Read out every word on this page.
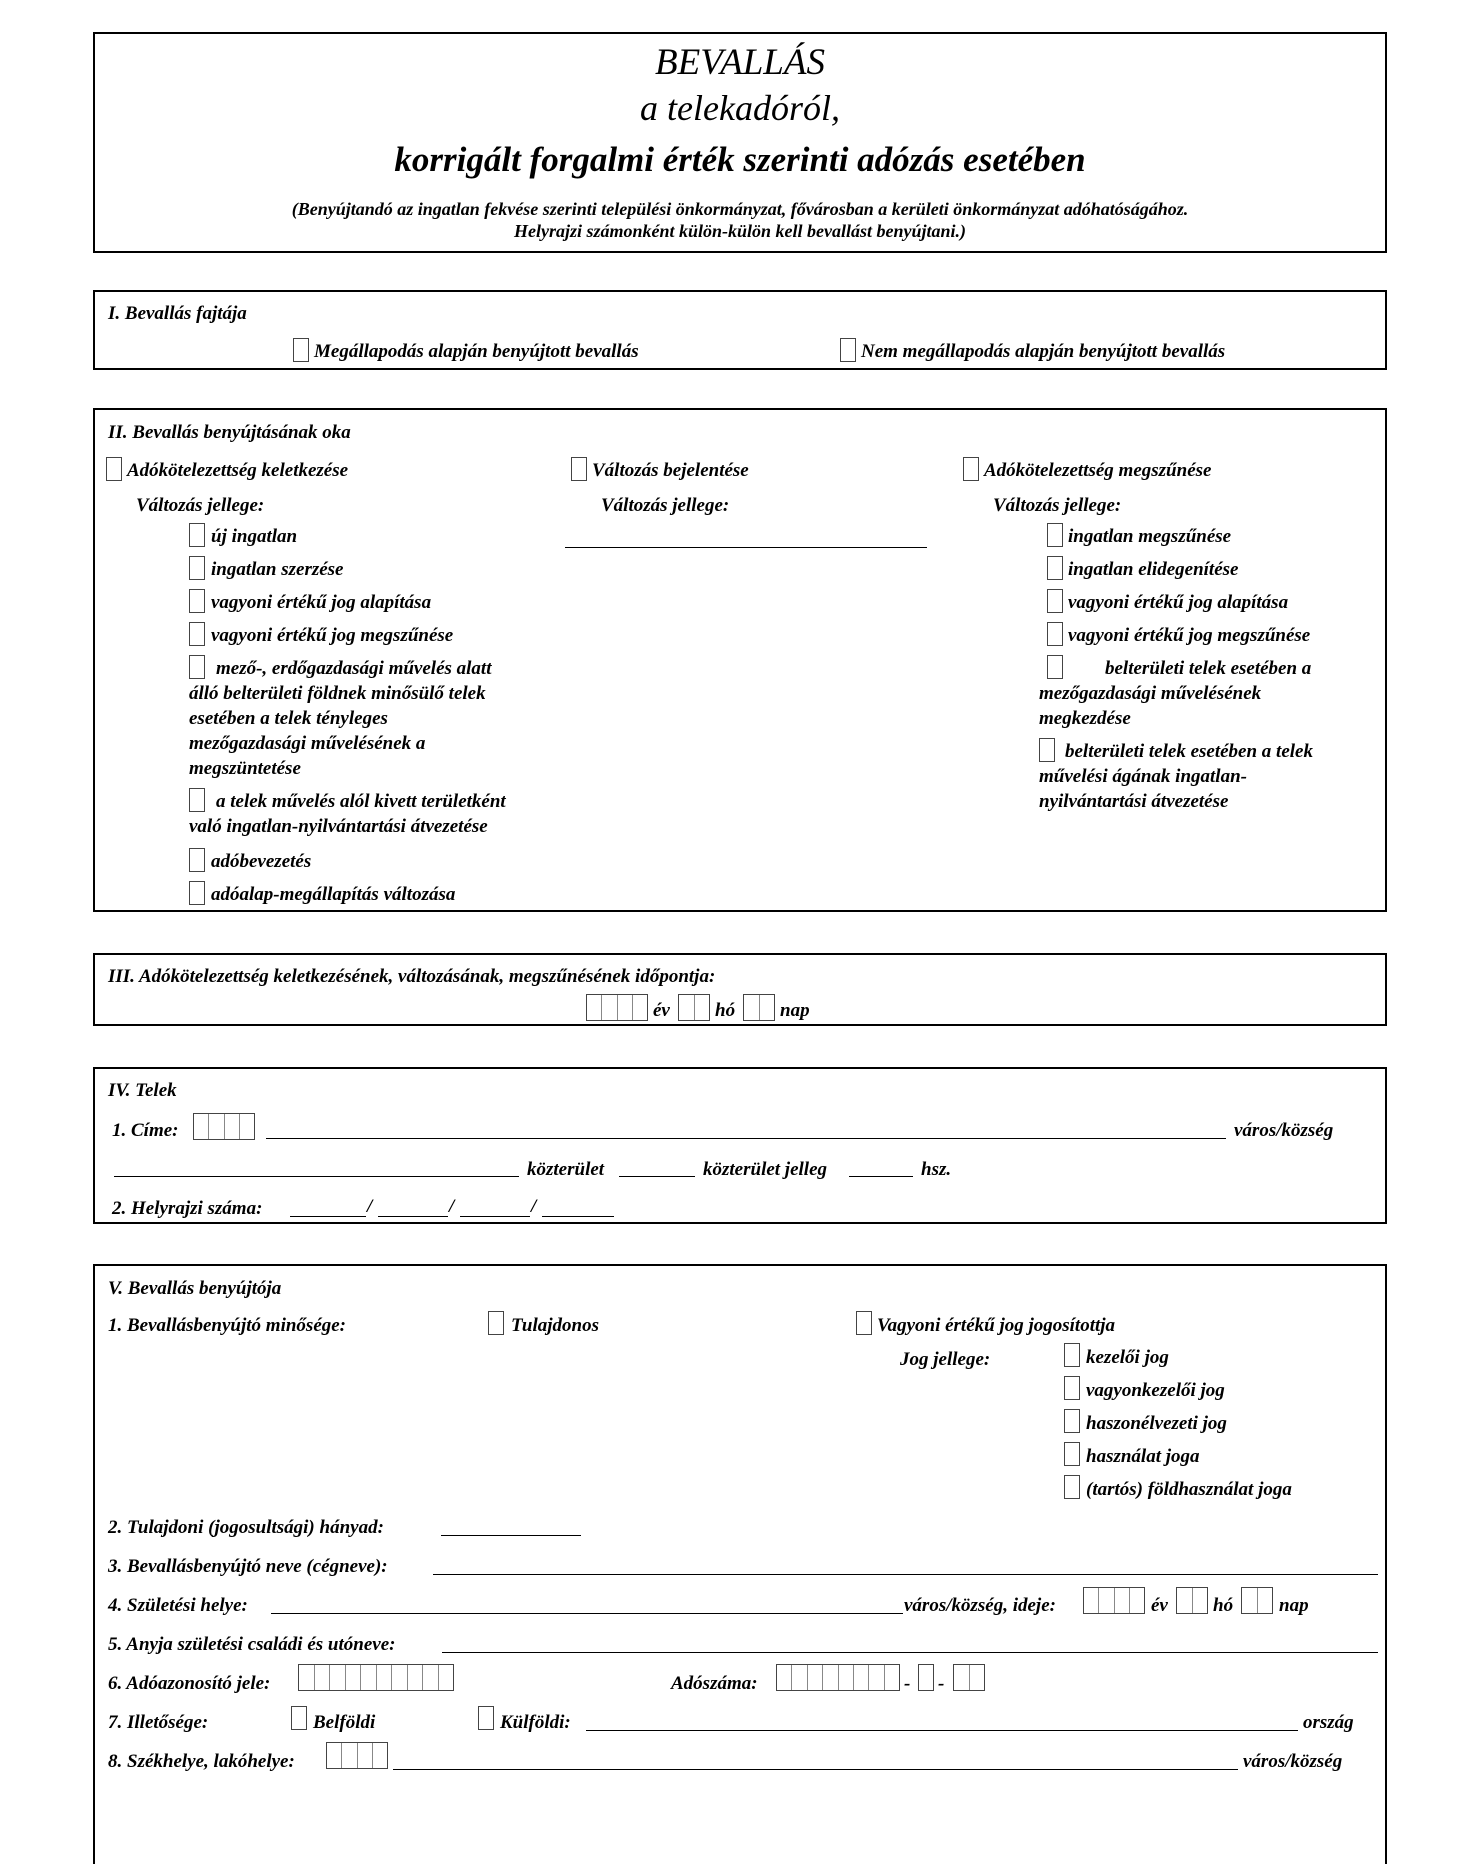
BEVALLÁS
a telekadóról,
korrigált forgalmi érték szerinti adózás esetében
(Benyújtandó az ingatlan fekvése szerinti települési önkormányzat, fővárosban a kerületi önkormányzat adóhatóságához.
Helyrajzi számonként külön-külön kell bevallást benyújtani.)
I. Bevallás fajtája
Megállapodás alapján benyújtott bevallás	Nem megállapodás alapján benyújtott bevallás
II. Bevallás benyújtásának oka
Adókötelezettség keletkezése
Változás jellege:
új ingatlan
ingatlan szerzése
vagyoni értékű jog alapítása
vagyoni értékű jog megszűnése
mező-, erdőgazdasági művelés alatt
álló belterületi földnek minősülő telek
esetében a telek tényleges
mezőgazdasági művelésének a
megszüntetése
a telek művelés alól kivett területként
való ingatlan-nyilvántartási átvezetése
adóbevezetés
adóalap-megállapítás változása
Változás bejelentése
Változás jellege:
Adókötelezettség megszűnése
Változás jellege:
ingatlan megszűnése
ingatlan elidegenítése
vagyoni értékű jog alapítása
vagyoni értékű jog megszűnése
belterületi telek esetében a
mezőgazdasági művelésének
megkezdése
belterületi telek esetében a telek
művelési ágának ingatlan-
nyilvántartási átvezetése
III. Adókötelezettség keletkezésének, változásának, megszűnésének időpontja:
év hó nap
IV. Telek
1. Címe:	város/község
közterület	közterület jelleg	hsz.
2. Helyrajzi száma:	/	/	/
V. Bevallás benyújtója
1. Bevallásbenyújtó minősége:	Tulajdonos	Vagyoni értékű jog jogosítottja
Jog jellege:	kezelői jog
vagyonkezelői jog
haszonélvezeti jog
használat joga
(tartós) földhasználat joga
2. Tulajdoni (jogosultsági) hányad:
3. Bevallásbenyújtó neve (cégneve):
4. Születési helye:	város/község, ideje:	év hó nap
5. Anyja születési családi és utóneve:
6. Adóazonosító jele:	Adószáma:	- -
7. Illetősége:	Belföldi	Külföldi:	ország
8. Székhelye, lakóhelye:	város/község
